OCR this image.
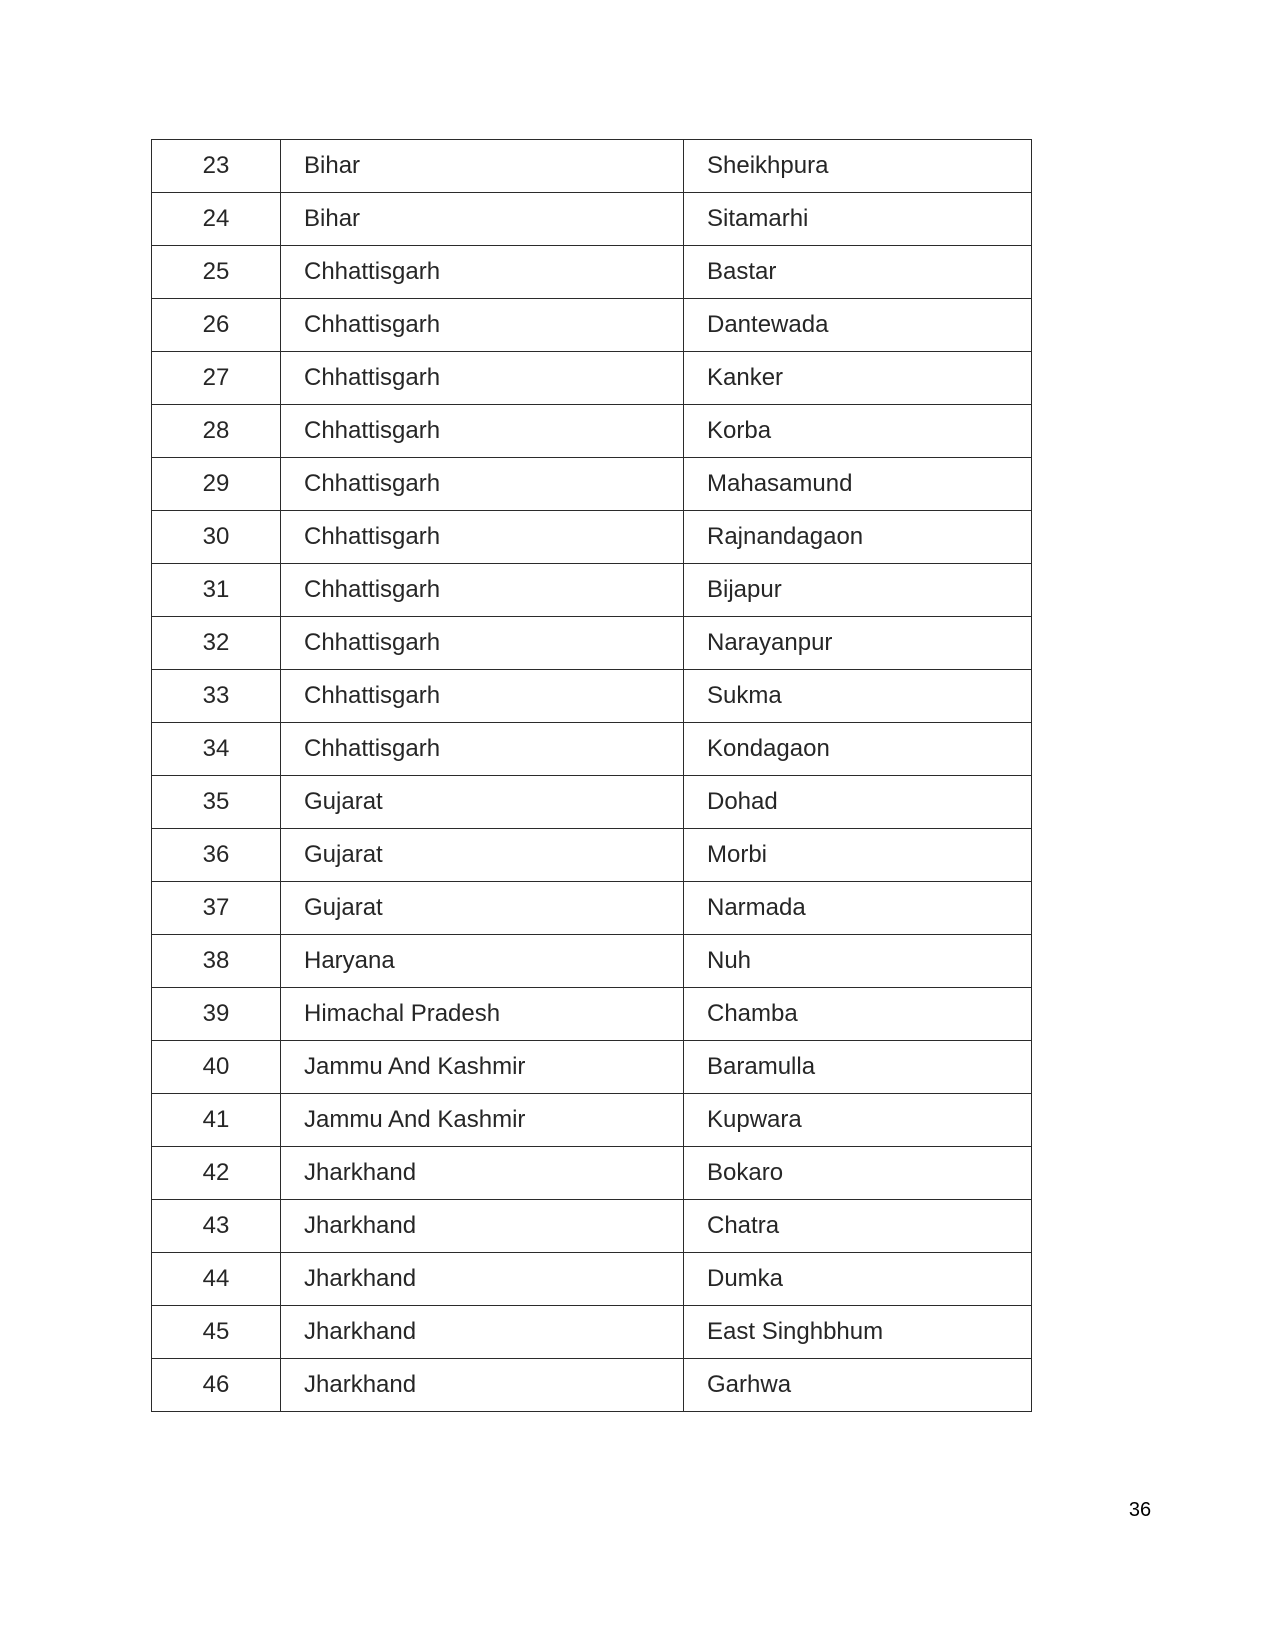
23	Bihar	Sheikhpura
24	Bihar	Sitamarhi
25	Chhattisgarh	Bastar
26	Chhattisgarh	Dantewada
27	Chhattisgarh	Kanker
28	Chhattisgarh	Korba
29	Chhattisgarh	Mahasamund
30	Chhattisgarh	Rajnandagaon
31	Chhattisgarh	Bijapur
32	Chhattisgarh	Narayanpur
33	Chhattisgarh	Sukma
34	Chhattisgarh	Kondagaon
35	Gujarat	Dohad
36	Gujarat	Morbi
37	Gujarat	Narmada
38	Haryana	Nuh
39	Himachal Pradesh	Chamba
40	Jammu And Kashmir	Baramulla
41	Jammu And Kashmir	Kupwara
42	Jharkhand	Bokaro
43	Jharkhand	Chatra
44	Jharkhand	Dumka
45	Jharkhand	East Singhbhum
46	Jharkhand	Garhwa
36
